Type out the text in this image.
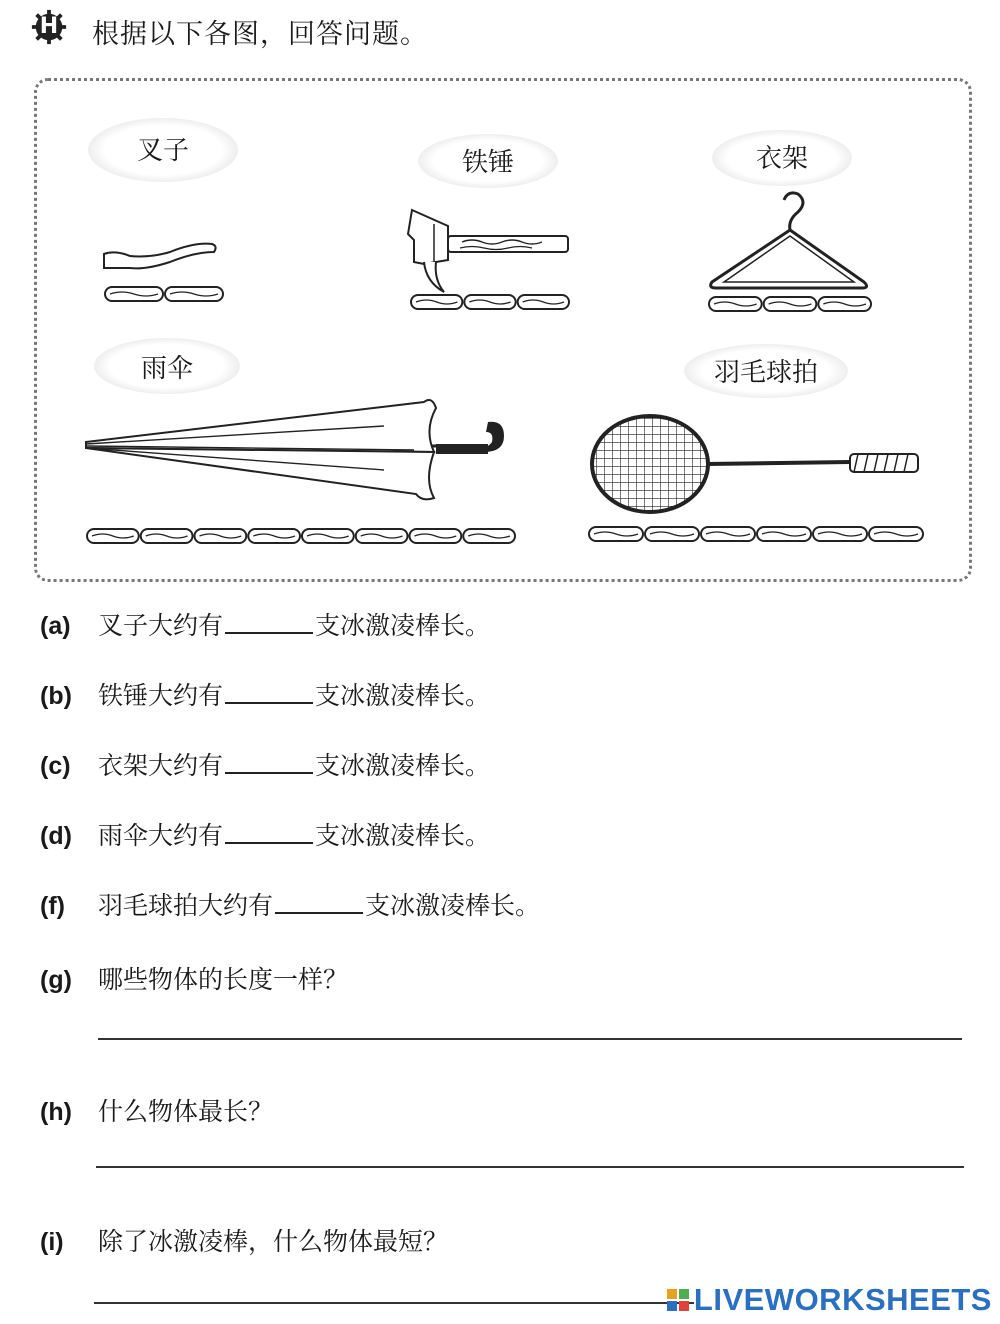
H	根据以下各图，回答问题。
叉子	铁锤	衣架
雨伞	羽毛球拍
(a) 叉子大约有	支冰激凌棒长。
(b) 铁锤大约有	支冰激凌棒长。
(c) 衣架大约有	支冰激凌棒长。
(d) 雨伞大约有	支冰激凌棒长。
(f) 羽毛球拍大约有	支冰激凌棒长。
(g) 哪些物体的长度一样？
(h) 什么物体最长？
(i) 除了冰激凌棒，什么物体最短？
LIVEWORKSHEETS
